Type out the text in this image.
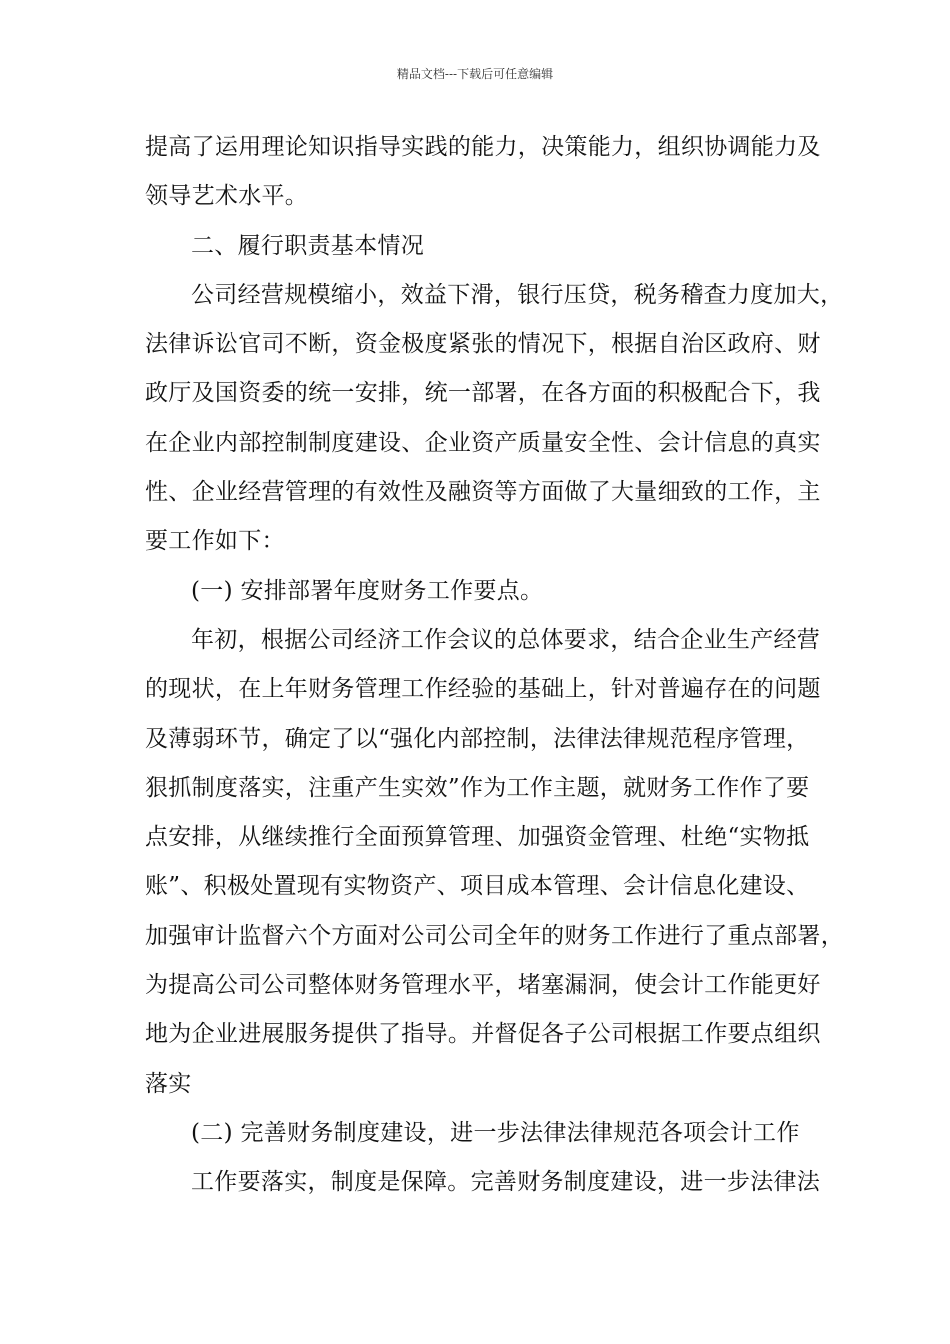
精品文档---下载后可任意编辑
提高了运用理论知识指导实践的能力，决策能力，组织协调能力及
领导艺术水平。
二、履行职责基本情况
公司经营规模缩小，效益下滑，银行压贷，税务稽查力度加大，
法律诉讼官司不断，资金极度紧张的情况下，根据自治区政府、财
政厅及国资委的统一安排，统一部署，在各方面的积极配合下，我
在企业内部控制制度建设、企业资产质量安全性、会计信息的真实
性、企业经营管理的有效性及融资等方面做了大量细致的工作，主
要工作如下：
(一) 安排部署年度财务工作要点。
年初，根据公司经济工作会议的总体要求，结合企业生产经营
的现状，在上年财务管理工作经验的基础上，针对普遍存在的问题
及薄弱环节，确定了以“强化内部控制，法律法律规范程序管理，
狠抓制度落实，注重产生实效”作为工作主题，就财务工作作了要
点安排，从继续推行全面预算管理、加强资金管理、杜绝“实物抵
账”、积极处置现有实物资产、项目成本管理、会计信息化建设、
加强审计监督六个方面对公司公司全年的财务工作进行了重点部署，
为提高公司公司整体财务管理水平，堵塞漏洞，使会计工作能更好
地为企业进展服务提供了指导。并督促各子公司根据工作要点组织
落实
(二) 完善财务制度建设，进一步法律法律规范各项会计工作
工作要落实，制度是保障。完善财务制度建设，进一步法律法
